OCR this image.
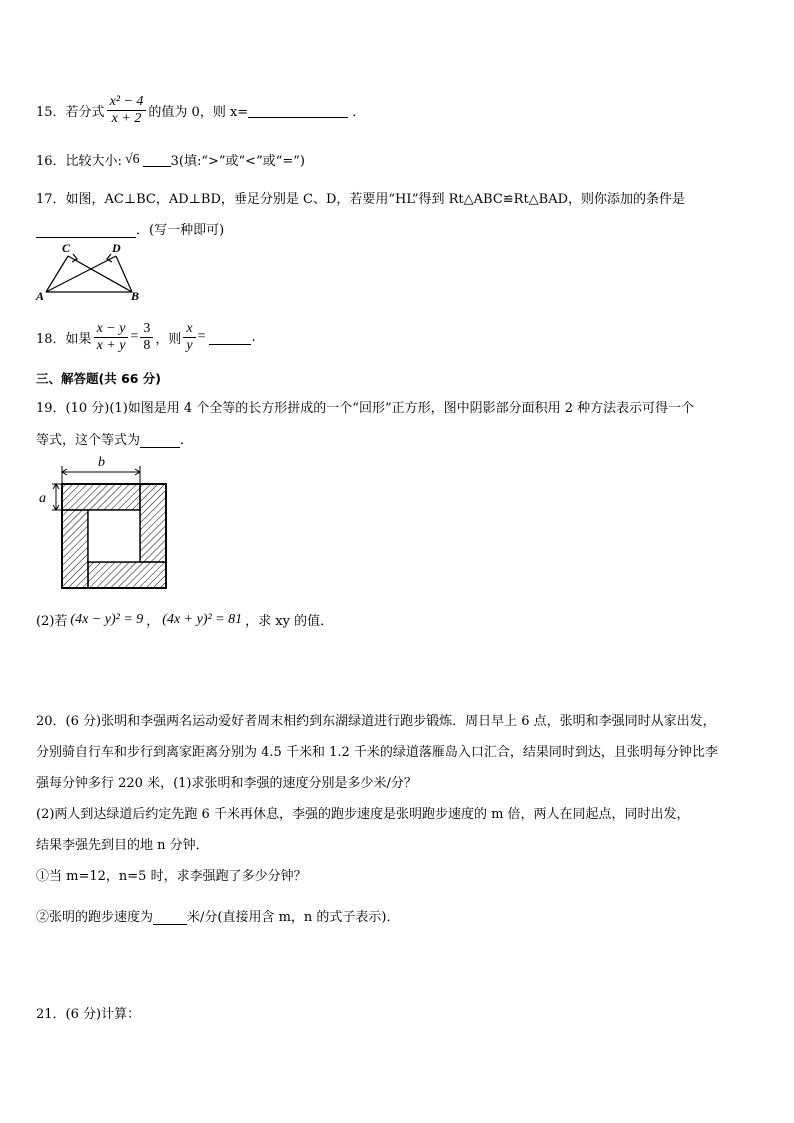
15． 若分式 $\frac{\text{x² − 4}}{x + 2}$ 的值为 0，则 x=	．
16． 比较大小: √6 3(填:“>”或“<”或“=”)
17．如图，AC⊥BC，AD⊥BD，垂足分别是 C、D，若要用“HL”得到 Rt△ABC≌Rt△BAD，则你添加的条件是
．(写一种即可)
C	D
A	B
18． 如果 $\frac{x - y}{x + y} = \frac{3}{8}$ ，则 $\frac{x}{y}$ =	.
三、解答题(共 66 分)
19．(10 分)(1)如图是用 4 个全等的长方形拼成的一个“回形”正方形，图中阴影部分面积用 2 种方法表示可得一个
等式，这个等式为	．
b
a
(2)若 (4x − y)² = 9 ， (4x + y)² = 81 ，求 xy 的值．
20．(6 分)张明和李强两名运动爱好者周末相约到东湖绿道进行跑步锻炼．周日早上 6 点，张明和李强同时从家出发，
分别骑自行车和步行到离家距离分别为 4.5 千米和 1.2 千米的绿道落雁岛入口汇合，结果同时到达，且张明每分钟比李
强每分钟多行 220 米，(1)求张明和李强的速度分别是多少米/分？
(2)两人到达绿道后约定先跑 6 千米再休息，李强的跑步速度是张明跑步速度的 m 倍，两人在同起点，同时出发，
结果李强先到目的地 n 分钟．
①当 m=12，n=5 时，求李强跑了多少分钟？
②张明的跑步速度为	米/分(直接用含 m，n 的式子表示)．
21．(6 分)计算：
